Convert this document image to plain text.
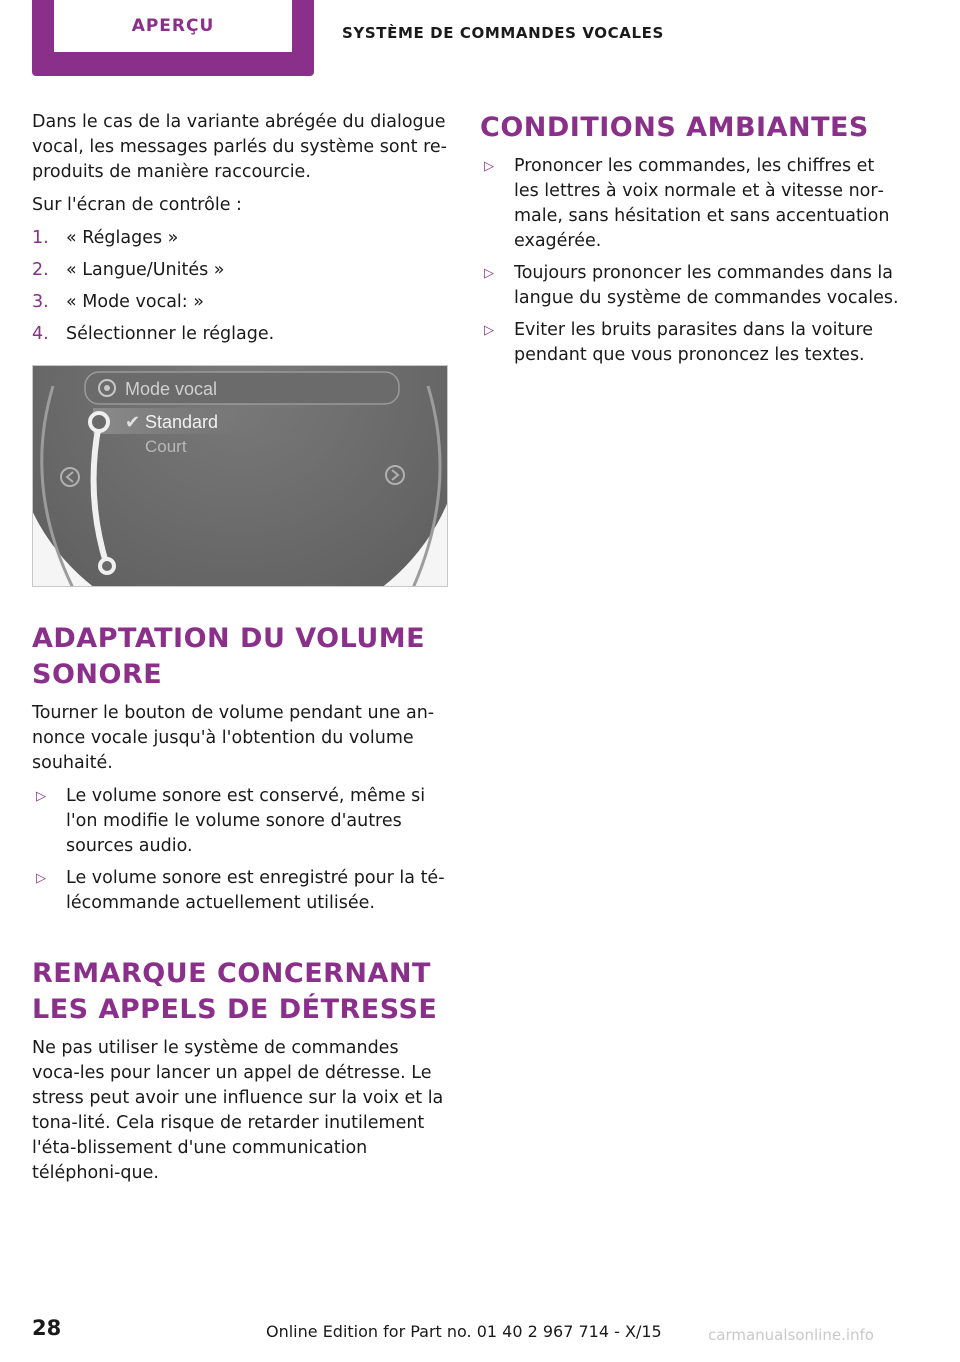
APERÇU	SYSTÈME DE COMMANDES VOCALES

Dans le cas de la variante abrégée du dialogue vocal, les messages parlés du système sont re‐produits de manière raccourcie.

Sur l'écran de contrôle :

1. « Réglages »
2. « Langue/Unités »
3. « Mode vocal: »
4. Sélectionner le réglage.
Mode vocal
✔ Standard
Court
ADAPTATION DU VOLUME SONORE

Tourner le bouton de volume pendant une an‐nonce vocale jusqu'à l'obtention du volume souhaité.

▷ Le volume sonore est conservé, même si l'on modifie le volume sonore d'autres sources audio.
▷ Le volume sonore est enregistré pour la té‐lécommande actuellement utilisée.
REMARQUE CONCERNANT LES APPELS DE DÉTRESSE

Ne pas utiliser le système de commandes voca‐les pour lancer un appel de détresse. Le stress peut avoir une influence sur la voix et la tona‐lité. Cela risque de retarder inutilement l'éta‐blissement d'une communication téléphoni‐que.

CONDITIONS AMBIANTES
▷ Prononcer les commandes, les chiffres et les lettres à voix normale et à vitesse nor‐male, sans hésitation et sans accentuation exagérée.
▷ Toujours prononcer les commandes dans la langue du système de commandes vocales.
▷ Eviter les bruits parasites dans la voiture pendant que vous prononcez les textes.
28	Online Edition for Part no. 01 40 2 967 714 - X/15	carmanualsonline.info
